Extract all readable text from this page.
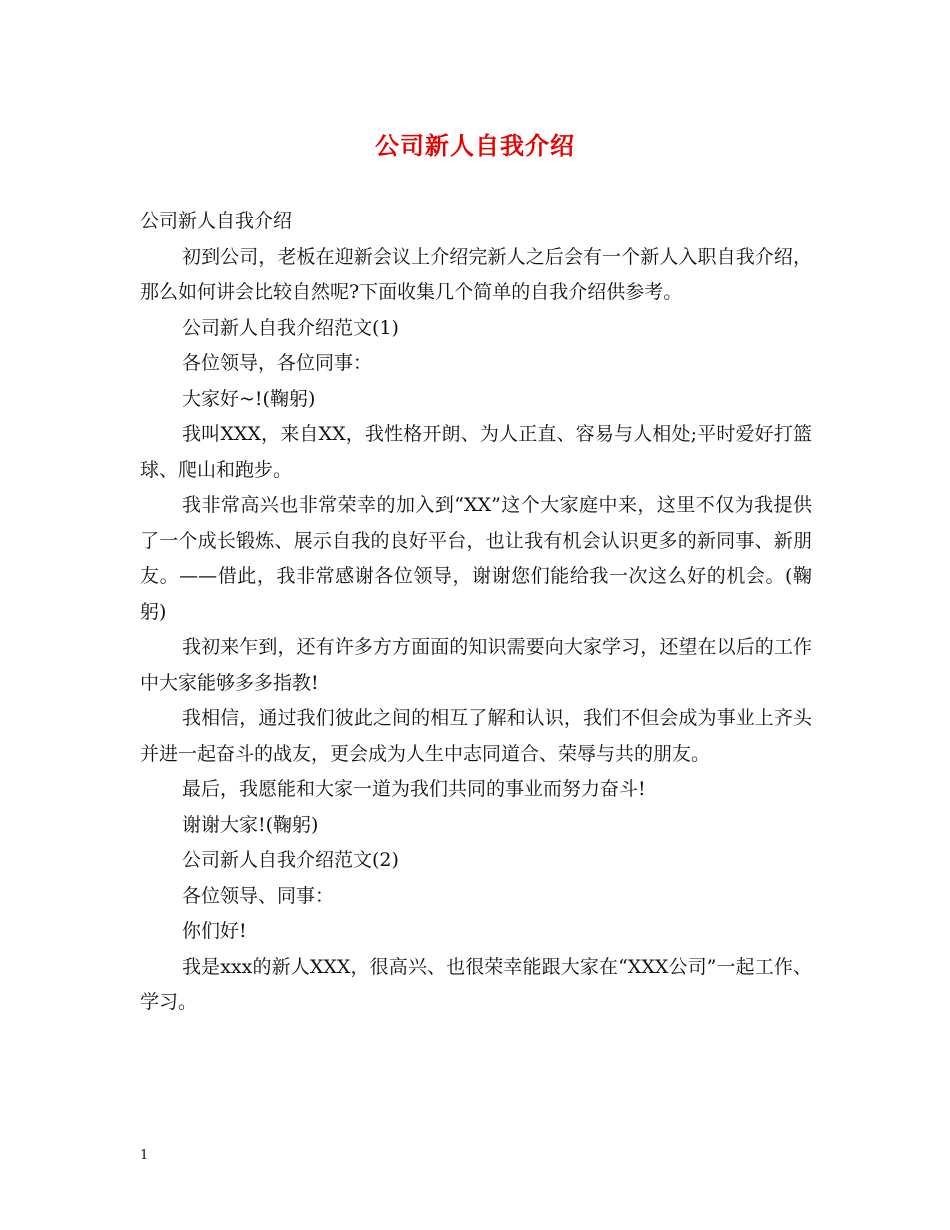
公司新人自我介绍

公司新人自我介绍

初到公司，老板在迎新会议上介绍完新人之后会有一个新人入职自我介绍，那么如何讲会比较自然呢?下面收集几个简单的自我介绍供参考。

公司新人自我介绍范文(1)

各位领导，各位同事：

大家好~!(鞠躬)

我叫XXX，来自XX，我性格开朗、为人正直、容易与人相处;平时爱好打篮球、爬山和跑步。

我非常高兴也非常荣幸的加入到“XX”这个大家庭中来，这里不仅为我提供了一个成长锻炼、展示自我的良好平台，也让我有机会认识更多的新同事、新朋友。——借此，我非常感谢各位领导，谢谢您们能给我一次这么好的机会。(鞠躬)

我初来乍到，还有许多方方面面的知识需要向大家学习，还望在以后的工作中大家能够多多指教!

我相信，通过我们彼此之间的相互了解和认识，我们不但会成为事业上齐头并进一起奋斗的战友，更会成为人生中志同道合、荣辱与共的朋友。

最后，我愿能和大家一道为我们共同的事业而努力奋斗!

谢谢大家!(鞠躬)

公司新人自我介绍范文(2)

各位领导、同事：

你们好!

我是xxx的新人XXX，很高兴、也很荣幸能跟大家在“XXX公司”一起工作、学习。

1
